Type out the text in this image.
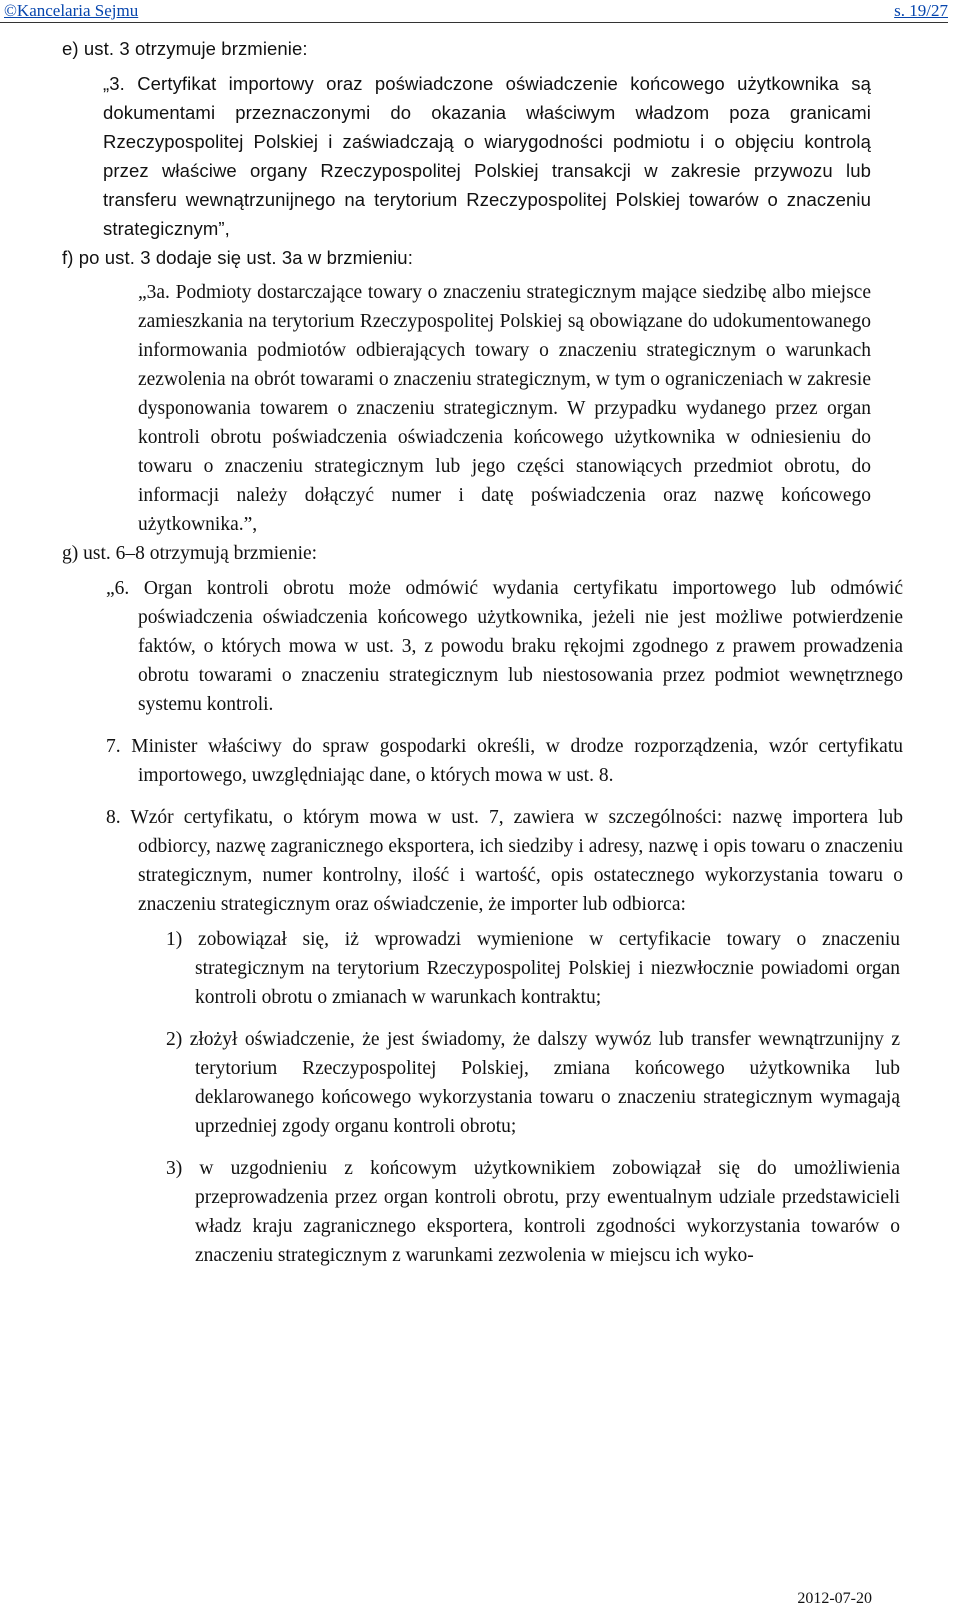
©Kancelaria Sejmu	s. 19/27

e) ust. 3 otrzymuje brzmienie:

„3. Certyfikat importowy oraz poświadczone oświadczenie końcowego użytkownika są dokumentami przeznaczonymi do okazania właściwym władzom poza granicami Rzeczypospolitej Polskiej i zaświadczają o wiarygodności podmiotu i o objęciu kontrolą przez właściwe organy Rzeczypospolitej Polskiej transakcji w zakresie przywozu lub transferu wewnątrzunijnego na terytorium Rzeczypospolitej Polskiej towarów o znaczeniu strategicznym”,

f) po ust. 3 dodaje się ust. 3a w brzmieniu:

„3a. Podmioty dostarczające towary o znaczeniu strategicznym mające siedzibę albo miejsce zamieszkania na terytorium Rzeczypospolitej Polskiej są obowiązane do udokumentowanego informowania podmiotów odbierających towary o znaczeniu strategicznym o warunkach zezwolenia na obrót towarami o znaczeniu strategicznym, w tym o ograniczeniach w zakresie dysponowania towarem o znaczeniu strategicznym. W przypadku wydanego przez organ kontroli obrotu poświadczenia oświadczenia końcowego użytkownika w odniesieniu do towaru o znaczeniu strategicznym lub jego części stanowiących przedmiot obrotu, do informacji należy dołączyć numer i datę poświadczenia oraz nazwę końcowego użytkownika.”,

g) ust. 6–8 otrzymują brzmienie:

„6. Organ kontroli obrotu może odmówić wydania certyfikatu importowego lub odmówić poświadczenia oświadczenia końcowego użytkownika, jeżeli nie jest możliwe potwierdzenie faktów, o których mowa w ust. 3, z powodu braku rękojmi zgodnego z prawem prowadzenia obrotu towarami o znaczeniu strategicznym lub niestosowania przez podmiot wewnętrznego systemu kontroli.

7. Minister właściwy do spraw gospodarki określi, w drodze rozporządzenia, wzór certyfikatu importowego, uwzględniając dane, o których mowa w ust. 8.

8. Wzór certyfikatu, o którym mowa w ust. 7, zawiera w szczególności: nazwę importera lub odbiorcy, nazwę zagranicznego eksportera, ich siedziby i adresy, nazwę i opis towaru o znaczeniu strategicznym, numer kontrolny, ilość i wartość, opis ostatecznego wykorzystania towaru o znaczeniu strategicznym oraz oświadczenie, że importer lub odbiorca:

1) zobowiązał się, iż wprowadzi wymienione w certyfikacie towary o znaczeniu strategicznym na terytorium Rzeczypospolitej Polskiej i niezwłocznie powiadomi organ kontroli obrotu o zmianach w warunkach kontraktu;

2) złożył oświadczenie, że jest świadomy, że dalszy wywóz lub transfer wewnątrzunijny z terytorium Rzeczypospolitej Polskiej, zmiana końcowego użytkownika lub deklarowanego końcowego wykorzystania towaru o znaczeniu strategicznym wymagają uprzedniej zgody organu kontroli obrotu;

3) w uzgodnieniu z końcowym użytkownikiem zobowiązał się do umożliwienia przeprowadzenia przez organ kontroli obrotu, przy ewentualnym udziale przedstawicieli władz kraju zagranicznego eksportera, kontroli zgodności wykorzystania towarów o znaczeniu strategicznym z warunkami zezwolenia w miejscu ich wyko-

2012-07-20
